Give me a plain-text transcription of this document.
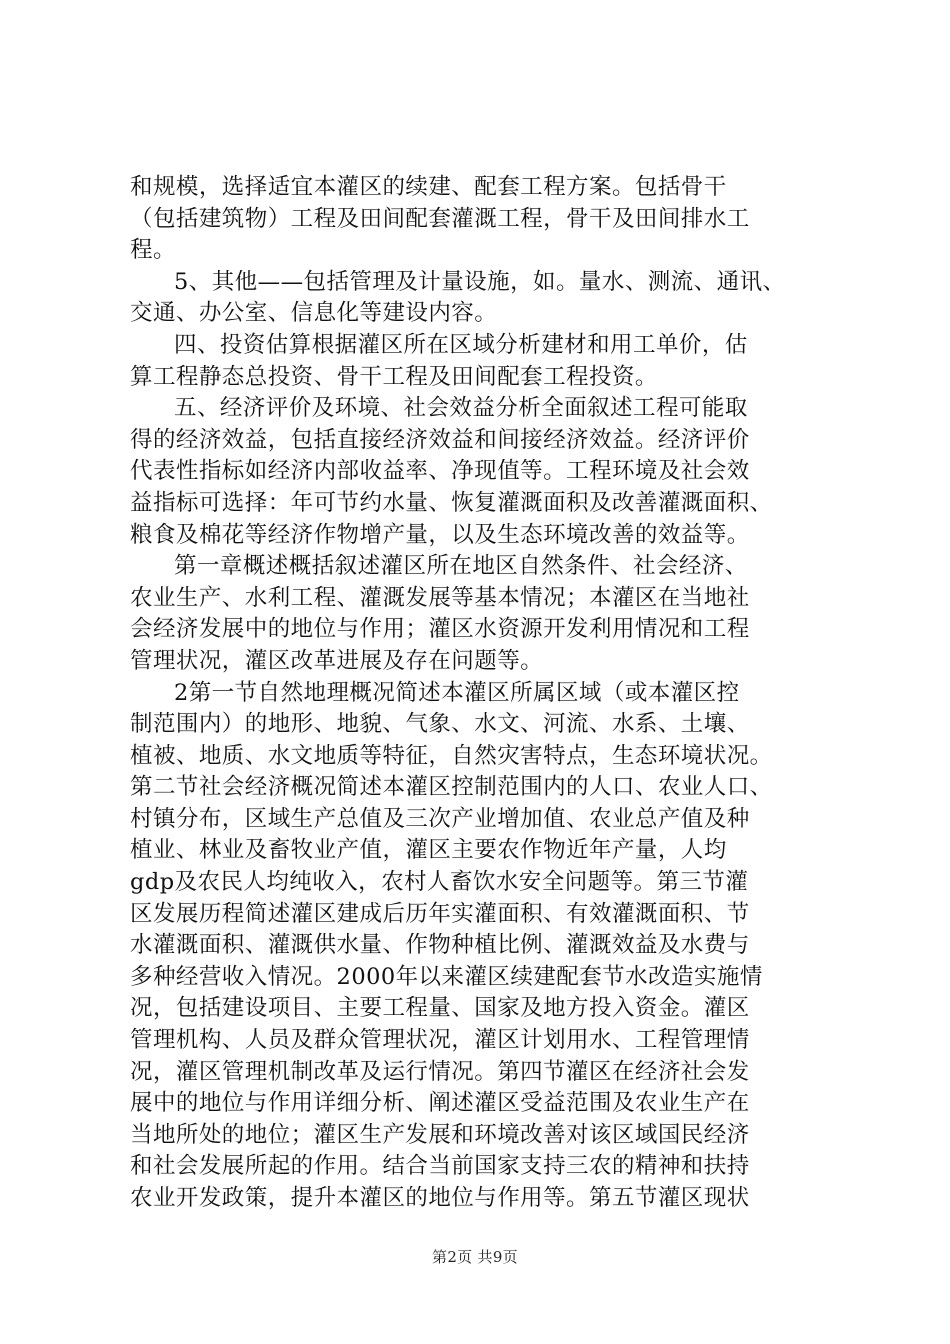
和规模，选择适宜本灌区的续建、配套工程方案。包括骨干
（包括建筑物）工程及田间配套灌溉工程，骨干及田间排水工
程。
5、其他——包括管理及计量设施，如。量水、测流、通讯、
交通、办公室、信息化等建设内容。
四、投资估算根据灌区所在区域分析建材和用工单价，估
算工程静态总投资、骨干工程及田间配套工程投资。
五、经济评价及环境、社会效益分析全面叙述工程可能取
得的经济效益，包括直接经济效益和间接经济效益。经济评价
代表性指标如经济内部收益率、净现值等。工程环境及社会效
益指标可选择：年可节约水量、恢复灌溉面积及改善灌溉面积、
粮食及棉花等经济作物增产量，以及生态环境改善的效益等。
第一章概述概括叙述灌区所在地区自然条件、社会经济、
农业生产、水利工程、灌溉发展等基本情况；本灌区在当地社
会经济发展中的地位与作用；灌区水资源开发利用情况和工程
管理状况，灌区改革进展及存在问题等。
2第一节自然地理概况简述本灌区所属区域（或本灌区控
制范围内）的地形、地貌、气象、水文、河流、水系、土壤、
植被、地质、水文地质等特征，自然灾害特点，生态环境状况。
第二节社会经济概况简述本灌区控制范围内的人口、农业人口、
村镇分布，区域生产总值及三次产业增加值、农业总产值及种
植业、林业及畜牧业产值，灌区主要农作物近年产量，人均
gdp及农民人均纯收入，农村人畜饮水安全问题等。第三节灌
区发展历程简述灌区建成后历年实灌面积、有效灌溉面积、节
水灌溉面积、灌溉供水量、作物种植比例、灌溉效益及水费与
多种经营收入情况。2000年以来灌区续建配套节水改造实施情
况，包括建设项目、主要工程量、国家及地方投入资金。灌区
管理机构、人员及群众管理状况，灌区计划用水、工程管理情
况，灌区管理机制改革及运行情况。第四节灌区在经济社会发
展中的地位与作用详细分析、阐述灌区受益范围及农业生产在
当地所处的地位；灌区生产发展和环境改善对该区域国民经济
和社会发展所起的作用。结合当前国家支持三农的精神和扶持
农业开发政策，提升本灌区的地位与作用等。第五节灌区现状
第2页 共9页
